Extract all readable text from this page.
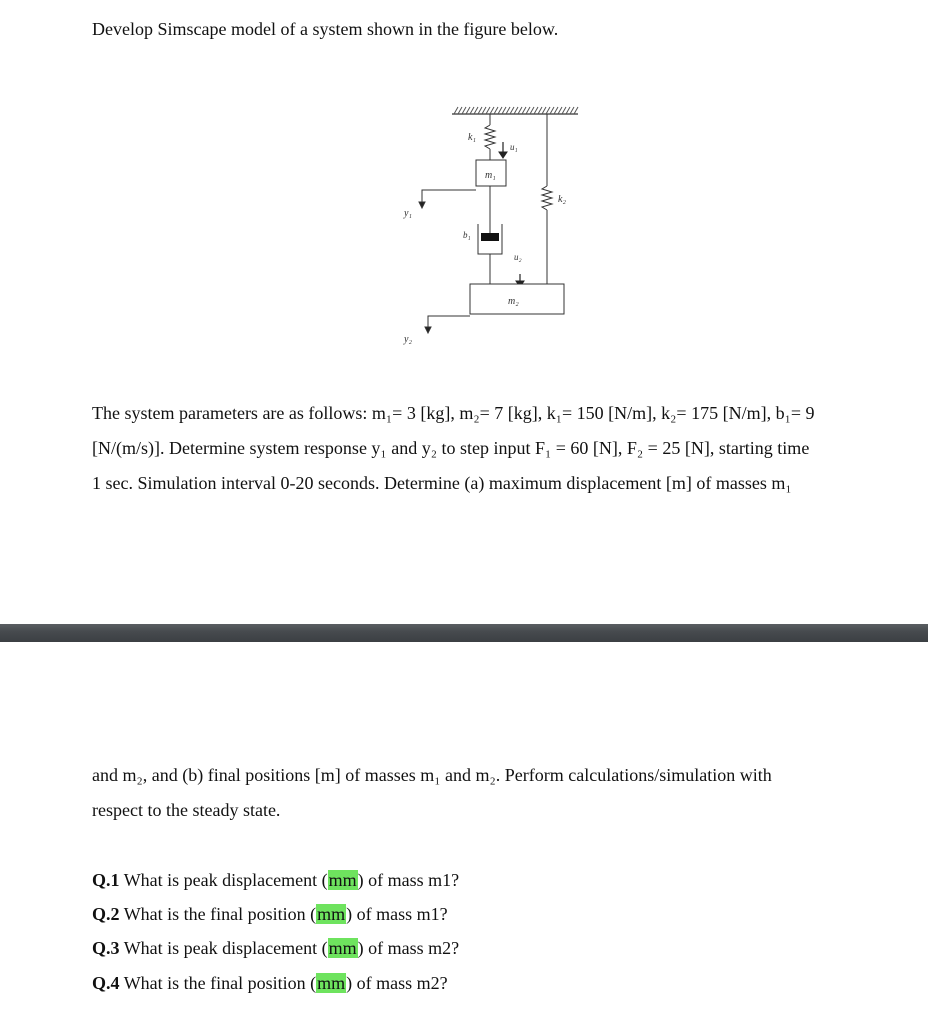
Develop Simscape model of a system shown in the figure below.
k₁
u₁
m₁
y₁
b₁
u₂
k₂
m₂
y₂
The system parameters are as follows: m₁= 3 [kg], m₂= 7 [kg], k₁= 150 [N/m], k₂= 175 [N/m], b₁= 9
[N/(m/s)]. Determine system response y₁ and y₂ to step input F₁ = 60 [N], F₂ = 25 [N], starting time
1 sec. Simulation interval 0-20 seconds. Determine (a) maximum displacement [m] of masses m₁
and m₂, and (b) final positions [m] of masses m₁ and m₂. Perform calculations/simulation with
respect to the steady state.
Q.1 What is peak displacement (mm) of mass m1?
Q.2 What is the final position (mm) of mass m1?
Q.3 What is peak displacement (mm) of mass m2?
Q.4 What is the final position (mm) of mass m2?
